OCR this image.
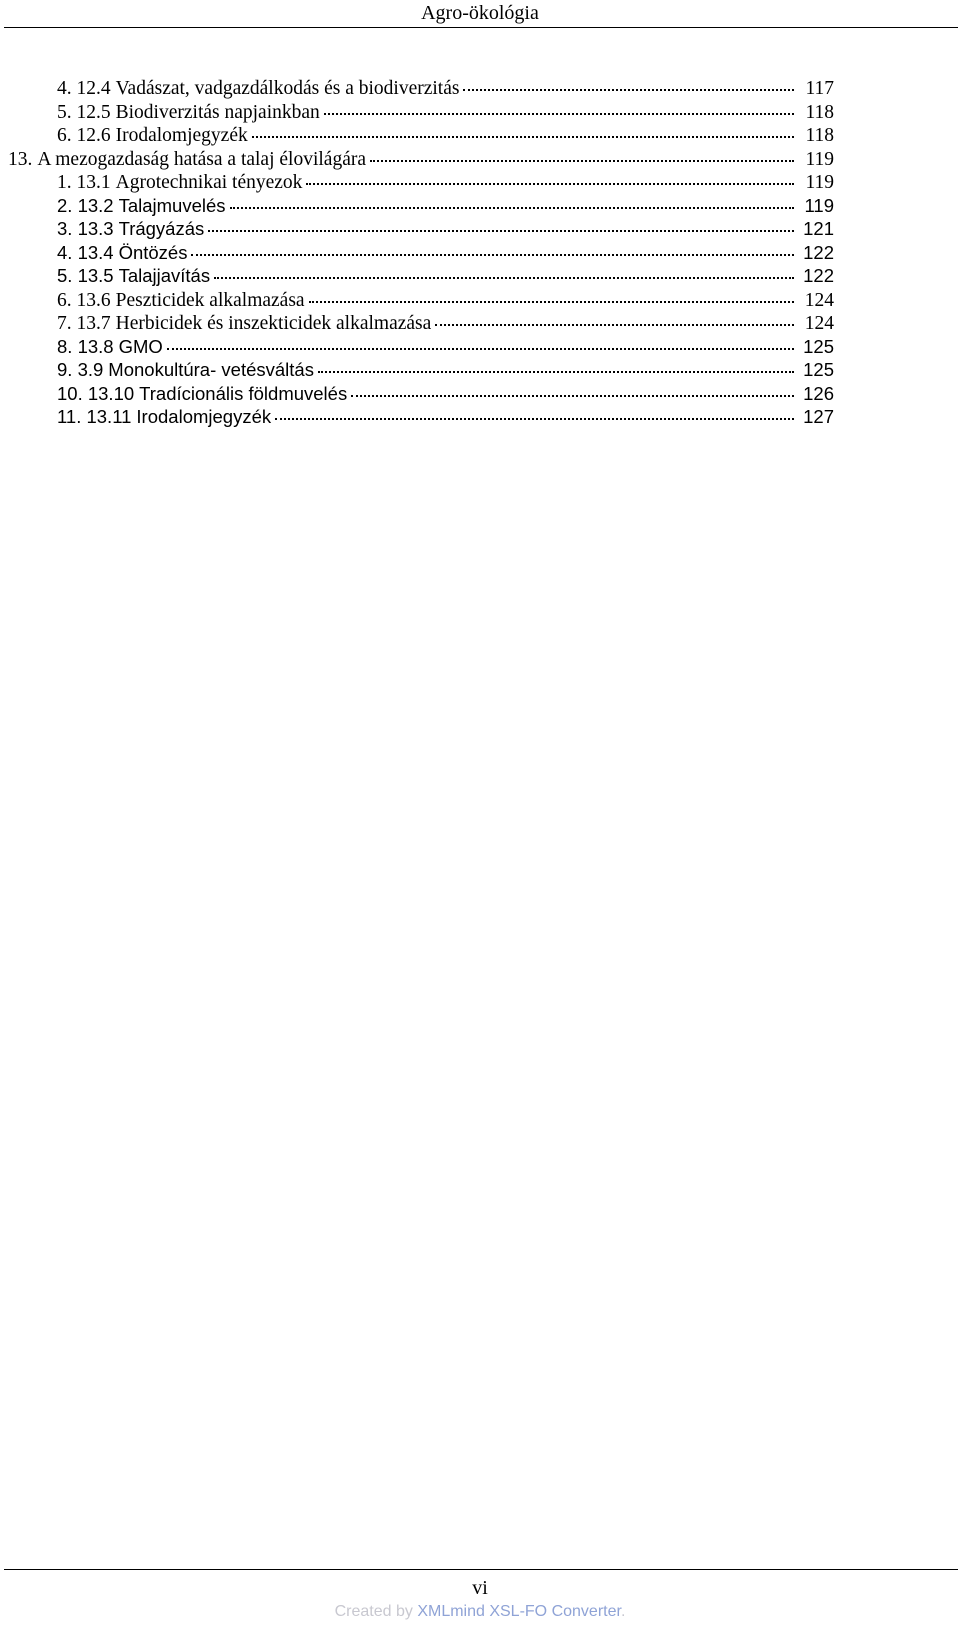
Agro-ökológia
4. 12.4 Vadászat, vadgazdálkodás és a biodiverzitás	117
5. 12.5 Biodiverzitás napjainkban	118
6. 12.6 Irodalomjegyzék	118
13. A mezogazdaság hatása a talaj élovilágára	119
1. 13.1 Agrotechnikai tényezok	119
2. 13.2 Talajmuvelés	119
3. 13.3 Trágyázás	121
4. 13.4 Öntözés	122
5. 13.5 Talajjavítás	122
6. 13.6 Peszticidek alkalmazása	124
7. 13.7 Herbicidek és inszekticidek alkalmazása	124
8. 13.8 GMO	125
9. 3.9 Monokultúra- vetésváltás	125
10. 13.10 Tradícionális földmuvelés	126
11. 13.11 Irodalomjegyzék	127
vi
Created by XMLmind XSL-FO Converter.
